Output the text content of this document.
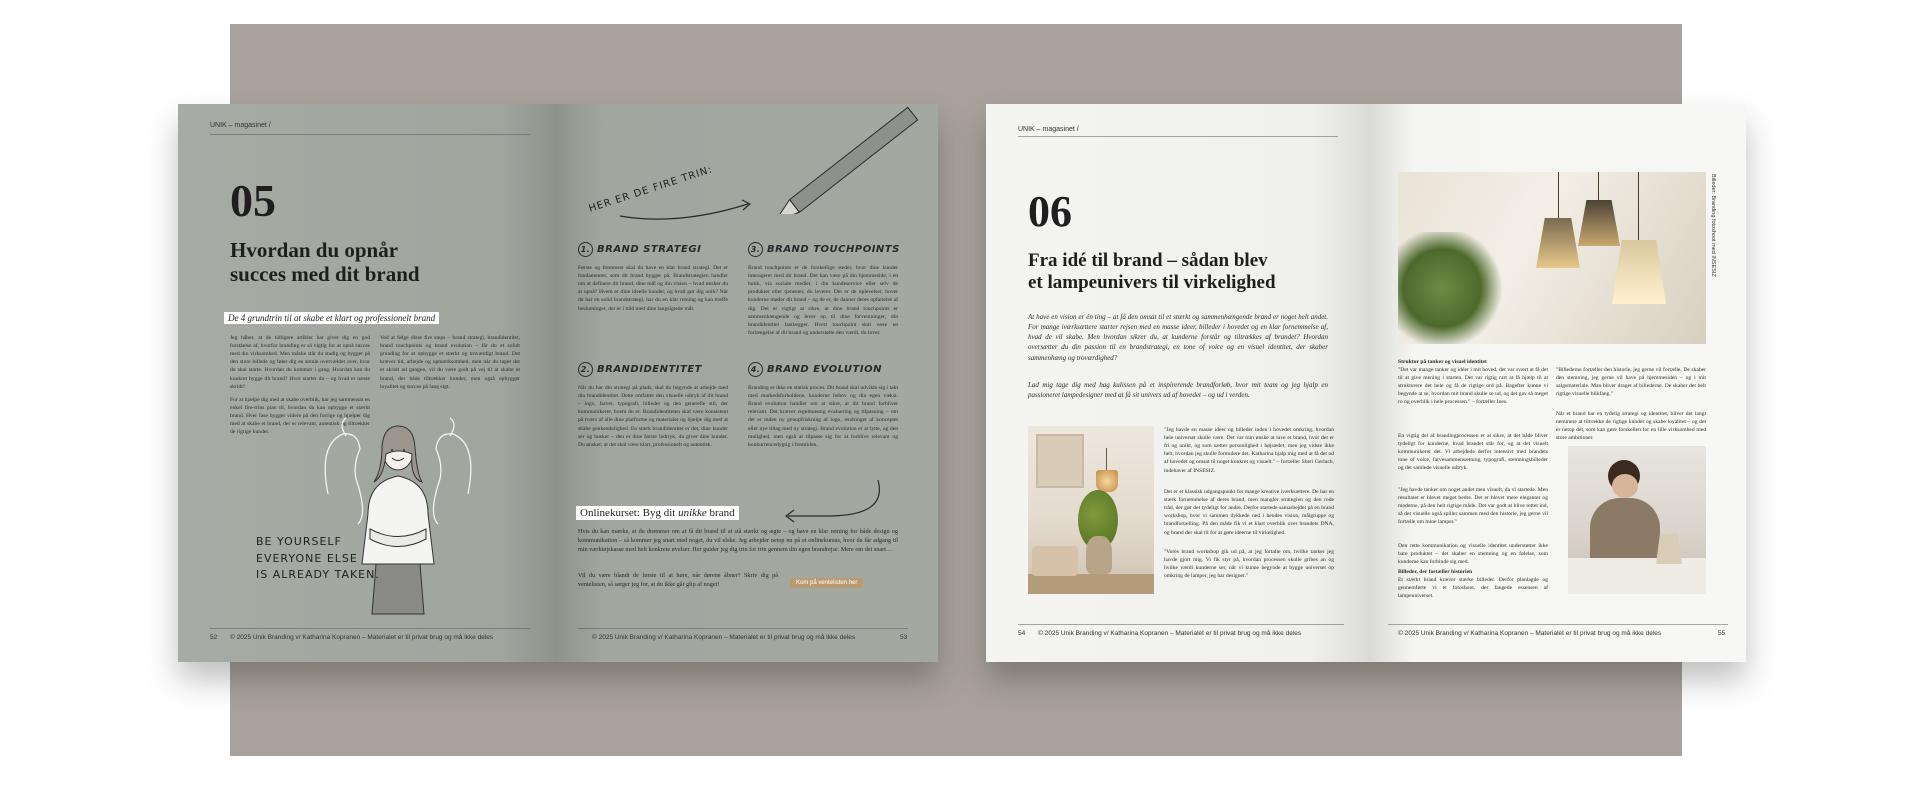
UNIK – magasinet /
05
Hvordan du opnår
succes med dit brand
De 4 grundtrin til at skabe et klart og professionelt brand
Jeg håber, at de tidligere artikler har givet dig en god forståelse af, hvorfor branding er så vigtig for at opnå succes med din virksomhed. Men måske står du stadig og bygger på den store billede og føler dig en smule overvældet over, hvor du skal starte. Hvordan du kommer i gang. Hvordan kan du konkret bygge dit brand? Hvor starter du – og hvad er næste skridt?
For at hjælpe dig med at skabe overblik, har jeg sammensat en enkel fire-trins plan til, hvordan du kan opbygge et stærkt brand. Hver fase bygger videre på den forrige og hjælper dig med at skabe et brand, der er relevant, autentisk og tiltrækker de rigtige kunder.
Ved at følge disse fire steps – brand strategi, brandidentitet, brand touchpoints og brand evolution – får du et solidt grundlag for at opbygge et stærkt og troværdigt brand. Det kræver tid, arbejde og opmærksomhed, men når du tager det et skridt ad gangen, vil du være godt på vej til at skabe et brand, der både tiltrækker kunder, men også opbygger loyalitet og succes på lang sigt.
BE YOURSELF
EVERYONE ELSE
IS ALREADY TAKEN.
52 © 2025 Unik Branding v/ Katharina Kopranen – Materialet er til privat brug og må ikke deles
HER ER DE FIRE TRIN:
1. BRAND STRATEGI
Første og fremmest skal du have en klar brand strategi. Det er fundamentet, som dit brand bygger på. Brandstrategien handler om at definere dit brand, dine mål og din vision – hvad ønsker du at opnå? Hvem er dine ideelle kunder, og hvad gør dig unik? Når du har en solid brandstrategi, har du en klar retning og kan træffe beslutninger, der er i tråd med dine langsigtede mål.
3. BRAND TOUCHPOINTS
Brand touchpoints er de forskellige steder, hvor dine kunder interagerer med dit brand. Det kan være på din hjemmeside, i en butik, via sociale medier, i din kundeservice eller selv de produkter eller tjenester, du leverer. Det er de oplevelser, hover kunderne møder dit brand – og de er, de danner deres opfattelse af dig. Det er vigtigt at sikre, at dine brand touchpoints er sammenhængende og lever op til dine forventninger, din brandidentitet fastlægger. Hvert touchpoint skal være en forlængelse af dit brand og understøtte den værdi, du lover.
2. BRANDIDENTITET
Når du har din strategi på plads, skal du begynde at arbejde med din brandidentitet. Dette omfatter den visuelle udtryk af dit brand – logo, farver, typografi, billeder og den generelle stil, der kommunikerer, hvem du er. Brandidentiteten skal være konsistent på tværs af alle dine platforme og materialer og hjælpe dig med at skabe genkendelighed. En stærk brandidentitet er det, dine kunder ser og husker – den er dine første indtryk, du giver dine kunder. Du ønsker, at det skal være klart, professionelt og autentisk.
4. BRAND EVOLUTION
Branding er ikke en statisk proces. Dit brand skal udvikle sig i takt med markedsforholdene, kunderne behov og din egen vækst. Brand evolution handler om at sikre, at dit brand forbliver relevant. Det kræver regelmæssig evaluering og tilpasning – om det er inden ny genopfriskning af logo, ændringer af konceptet eller nye tiltag med ny strategi. Brand evolution er at lytte, og den mulighed, men også at tilpasse sig for at forblive relevant og konkurrencedygtig i fremtiden.
Onlinekurset: Byg dit unikke brand
Hvis du kan mærke, at du drømmer om at få dit brand til at stå stærkt og ægte – og have en klar retning for både design og kommunikation – så kommer jeg snart med noget, du vil elske. Jeg arbejder netop nu på et onlinekursus, hvor du får adgang til min værktøjskasse med helt konkrete øvelser. Her guider jeg dig trin for trin gennem din egen brandrejse. Mere om det snart…
Vil du være blandt de første til at høre, når dørene åbner? Skriv dig på ventelisten, så sørger jeg for, at du ikke går glip af noget!	Kom på ventelisten her
© 2025 Unik Branding v/ Katharina Kopranen – Materialet er til privat brug og må ikke deles	53
UNIK – magasinet /
06
Fra idé til brand – sådan blev
et lampeunivers til virkelighed
At have en vision er én ting – at få den omsat til et stærkt og sammenhængende brand er noget helt andet. For mange iværksættere starter rejsen med en masse ideer, billeder i hovedet og en klar fornemmelse af, hvad de vil skabe. Men hvordan sikrer du, at kunderne forstår og tiltrækkes af brandet? Hvordan oversætter du din passion til en brandstrategi, en tone of voice og en visuel identitet, der skaber sammenhæng og troværdighed?
Lad mig tage dig med bag kulissen på et inspirerende brandforløb, hvor mit team og jeg hjalp en passioneret lampedesigner med at få sit univers ud af hovedet – og ud i verden.
"Jeg havde en masse ideer og billeder inden i hovedet omkring, hvordan hele universet skulle være. Det var min ønske at lave et brand, hvor det er fri og unikt, og som sætter personlighed i højsædet, men jeg vidste ikke helt, hvordan jeg skulle formulere det. Katharina hjalp mig med at få det ud af hovedet og omsat til noget konkret og visuelt." – fortæller Sheri Gerlach, indehaver af INSESIZ.
Det er et klassisk udgangspunkt for mange kreative iværksættere. De har en stærk fornemmelse af deres brand, men mangler strategien og den rode tråd, der gør det tydeligt for andre. Derfor startede samarbejdet på en brand workshop, hvor vi sammen dykkede ned i hendes vision, målgruppe og brandfortælling. På den måde fik vi et klart overblik over brandets DNA, og brand der skal til for at gøre ideerne til virkelighed.
"Vores brand workshop gik ud på, at jeg fortalte om, hvilke tanker jeg havde gjort mig. Vi fik styr på, hvordan processen skulle gribes an og hvilke værdi kunderne ser, når vi kunne begynde at bygge universet op omkring de lamper, jeg har designet."
54 © 2025 Unik Branding v/ Katharina Kopranen – Materialet er til privat brug og må ikke deles
Billeder: Branding fotoshoot med INSESIZ
Struktur på tanker og visuel identitet
"Det var mange tanker og idéer i mit hoved, det var svært at få det til at give mening i starten. Det var rigtig rart at få hjælp til at strukturere det hele og få de rigtige ord på. Bagefter kunne vi begynde at se, hvordan mit brand skulle se ud, og det gav så meget ro og overblik i hele processen." – fortæller Ines.
En vigtig del af brandingprocessen er at sikre, at det både bliver tydeligt for kunderne, hvad brandet står for, og at det visuelt kommunikerer det. Vi arbejdede derfor intensivt med brandets tone of voice, farvesammensætning, typografi, stemningsbilleder og det samlede visuelle udtryk.
"Jeg havde tanker om noget andet men visuelt, da vi startede. Men resultatet er blevet meget bedre. Det er blevet mere eleganter og moderne, på den helt rigtige måde. Det var godt at blive rettet ind, så det visuelle også spiller sammen med den historie, jeg gerne vil fortælle om mine lamper."
Den rette kommunikation og visuelle identitet understøtter ikke bare produktet – det skaber en stemning og en følelse, som kunderne kan forbinde sig med.
Billeder, der fortæller historien
Et stærkt brand kræver stærke billeder. Derfor planlagde og gennemførte vi et fotoshoot, der fangede essensen af lampeuniverset.
"Billederne fortæller den historie, jeg gerne vil fortælle. De skaber den stemning, jeg gerne vil have på hjemmesiden – og i mit salgsmateriale. Man bliver draget af billederne. De skaber det helt rigtige visuelle blikfang."
Når et brand har en tydelig strategi og identitet, bliver det langt nemmere at tiltrække de rigtige kunder og skabe loyalitet – og det er netop dét, som kan gøre forskellen for en lille virksomhed med store ambitioner.
© 2025 Unik Branding v/ Katharina Kopranen – Materialet er til privat brug og må ikke deles	55
